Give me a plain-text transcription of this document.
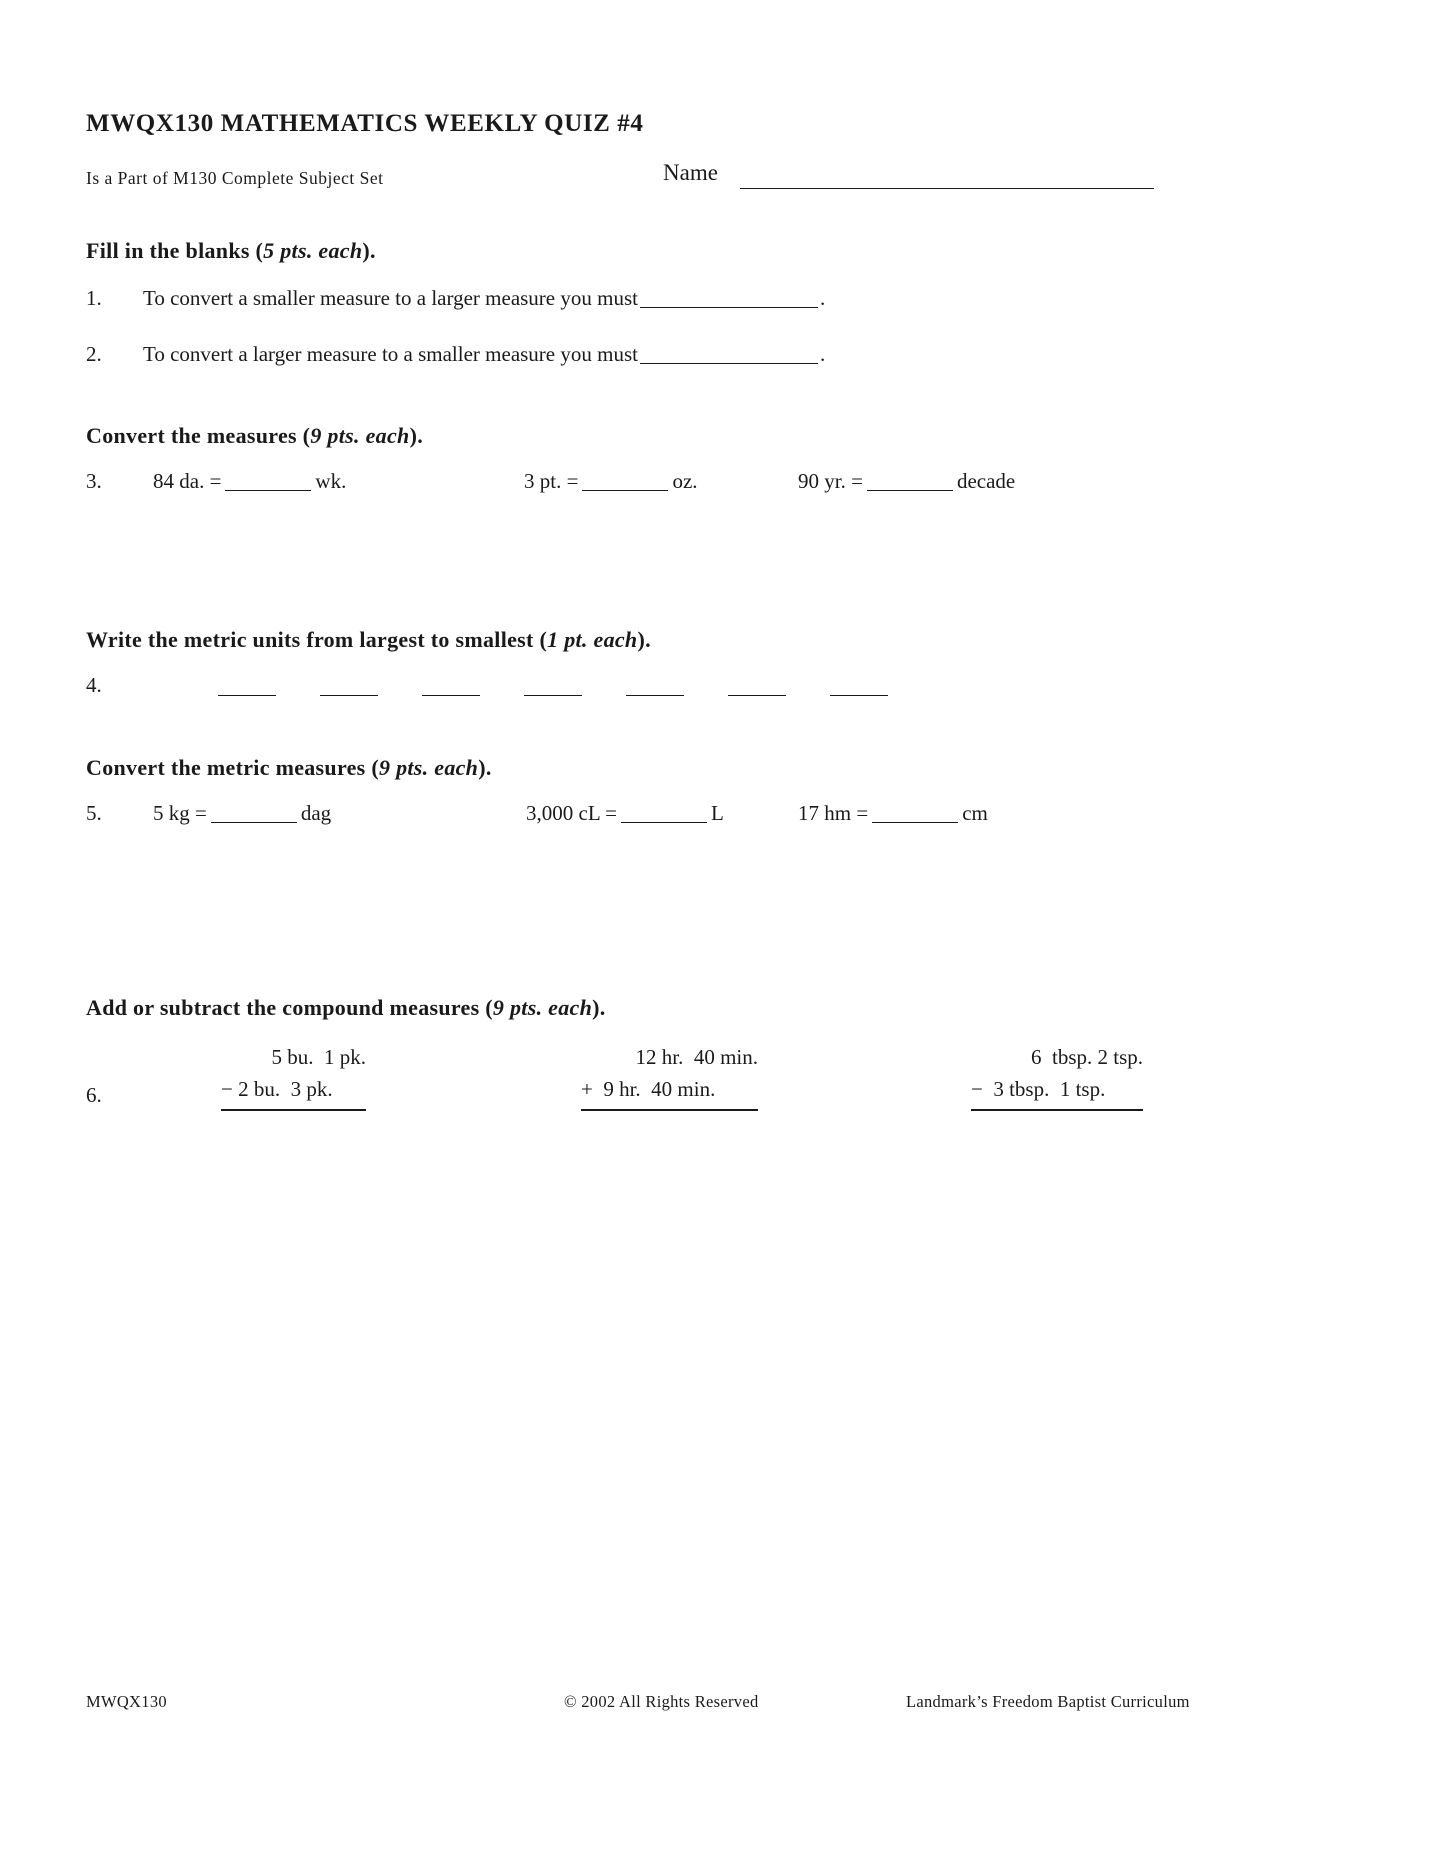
MWQX130 MATHEMATICS WEEKLY QUIZ #4
Is a Part of M130 Complete Subject Set	Name
Fill in the blanks (5 pts. each).
1.	To convert a smaller measure to a larger measure you must	.
2.	To convert a larger measure to a smaller measure you must	.
Convert the measures (9 pts. each).
3. 84 da. =	wk.	3 pt. =	oz.	90 yr. =	decade
Write the metric units from largest to smallest (1 pt. each).
4.
Convert the metric measures (9 pts. each).
5. 5 kg =	dag	3,000 cL =	L	17 hm =	cm
Add or subtract the compound measures (9 pts. each).
6.
5 bu.  1 pk.
− 2 bu.  3 pk.
12 hr.  40 min.
+  9 hr.  40 min.
6  tbsp. 2 tsp.
−  3 tbsp.  1 tsp.
MWQX130	© 2002 All Rights Reserved	Landmark’s Freedom Baptist Curriculum
